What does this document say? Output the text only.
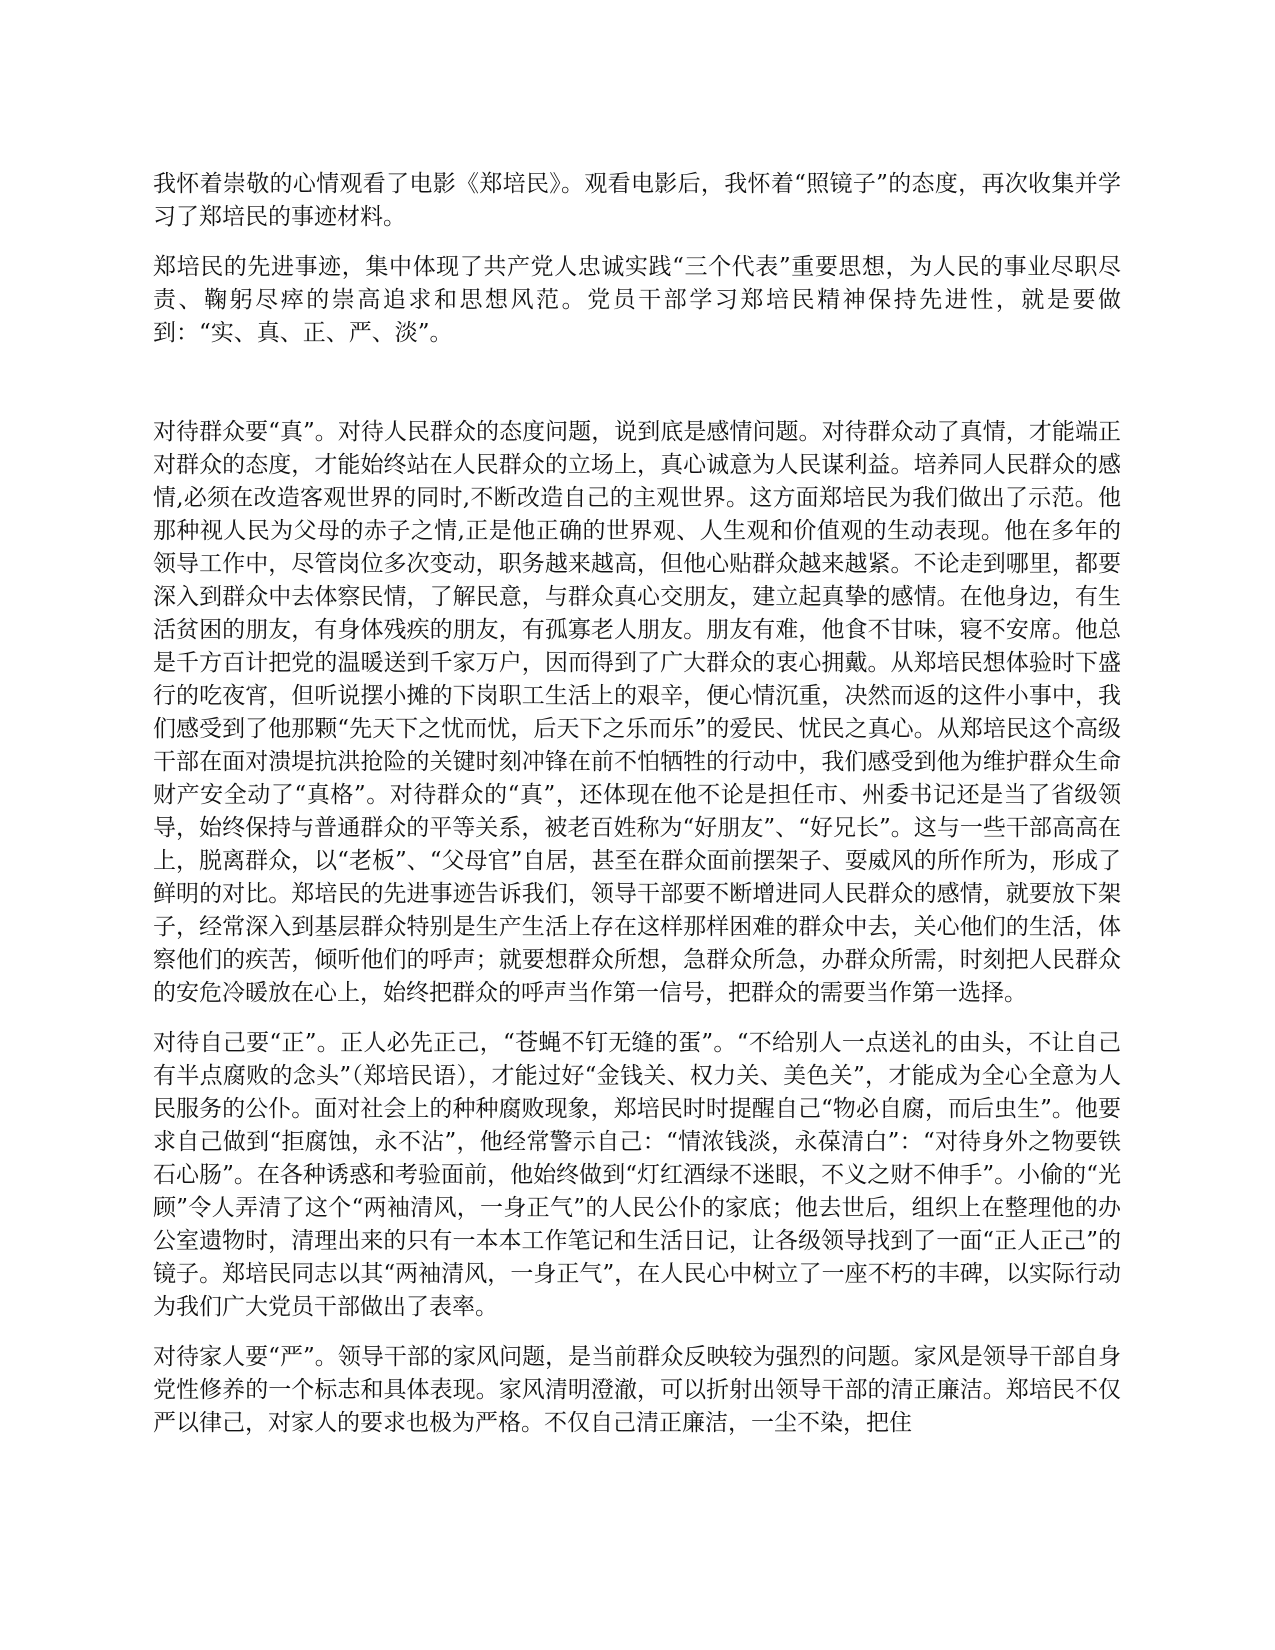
我怀着崇敬的心情观看了电影《郑培民》。观看电影后，我怀着“照镜子”的态度，再次收集并学习了郑培民的事迹材料。

郑培民的先进事迹，集中体现了共产党人忠诚实践“三个代表”重要思想，为人民的事业尽职尽责、鞠躬尽瘁的崇高追求和思想风范。党员干部学习郑培民精神保持先进性，就是要做到：“实、真、正、严、淡”。

对待群众要“真”。对待人民群众的态度问题，说到底是感情问题。对待群众动了真情，才能端正对群众的态度，才能始终站在人民群众的立场上，真心诚意为人民谋利益。培养同人民群众的感情,必须在改造客观世界的同时,不断改造自己的主观世界。这方面郑培民为我们做出了示范。他那种视人民为父母的赤子之情,正是他正确的世界观、人生观和价值观的生动表现。他在多年的领导工作中，尽管岗位多次变动，职务越来越高，但他心贴群众越来越紧。不论走到哪里，都要深入到群众中去体察民情，了解民意，与群众真心交朋友，建立起真挚的感情。在他身边，有生活贫困的朋友，有身体残疾的朋友，有孤寡老人朋友。朋友有难，他食不甘味，寝不安席。他总是千方百计把党的温暖送到千家万户，因而得到了广大群众的衷心拥戴。从郑培民想体验时下盛行的吃夜宵，但听说摆小摊的下岗职工生活上的艰辛，便心情沉重，决然而返的这件小事中，我们感受到了他那颗“先天下之忧而忧，后天下之乐而乐”的爱民、忧民之真心。从郑培民这个高级干部在面对溃堤抗洪抢险的关键时刻冲锋在前不怕牺牲的行动中，我们感受到他为维护群众生命财产安全动了“真格”。对待群众的“真”，还体现在他不论是担任市、州委书记还是当了省级领导，始终保持与普通群众的平等关系，被老百姓称为“好朋友”、“好兄长”。这与一些干部高高在上，脱离群众，以“老板”、“父母官”自居，甚至在群众面前摆架子、耍威风的所作所为，形成了鲜明的对比。郑培民的先进事迹告诉我们，领导干部要不断增进同人民群众的感情，就要放下架子，经常深入到基层群众特别是生产生活上存在这样那样困难的群众中去，关心他们的生活，体察他们的疾苦，倾听他们的呼声；就要想群众所想，急群众所急，办群众所需，时刻把人民群众的安危冷暖放在心上，始终把群众的呼声当作第一信号，把群众的需要当作第一选择。

对待自己要“正”。正人必先正己，“苍蝇不钉无缝的蛋”。“不给别人一点送礼的由头，不让自己有半点腐败的念头”（郑培民语），才能过好“金钱关、权力关、美色关”，才能成为全心全意为人民服务的公仆。面对社会上的种种腐败现象，郑培民时时提醒自己“物必自腐，而后虫生”。他要求自己做到“拒腐蚀，永不沾”，他经常警示自己：“情浓钱淡，永葆清白”：“对待身外之物要铁石心肠”。在各种诱惑和考验面前，他始终做到“灯红酒绿不迷眼，不义之财不伸手”。小偷的“光顾”令人弄清了这个“两袖清风，一身正气”的人民公仆的家底；他去世后，组织上在整理他的办公室遗物时，清理出来的只有一本本工作笔记和生活日记，让各级领导找到了一面“正人正己”的镜子。郑培民同志以其“两袖清风，一身正气”，在人民心中树立了一座不朽的丰碑，以实际行动为我们广大党员干部做出了表率。

对待家人要“严”。领导干部的家风问题，是当前群众反映较为强烈的问题。家风是领导干部自身党性修养的一个标志和具体表现。家风清明澄澈，可以折射出领导干部的清正廉洁。郑培民不仅严以律己，对家人的要求也极为严格。不仅自己清正廉洁，一尘不染，把住
